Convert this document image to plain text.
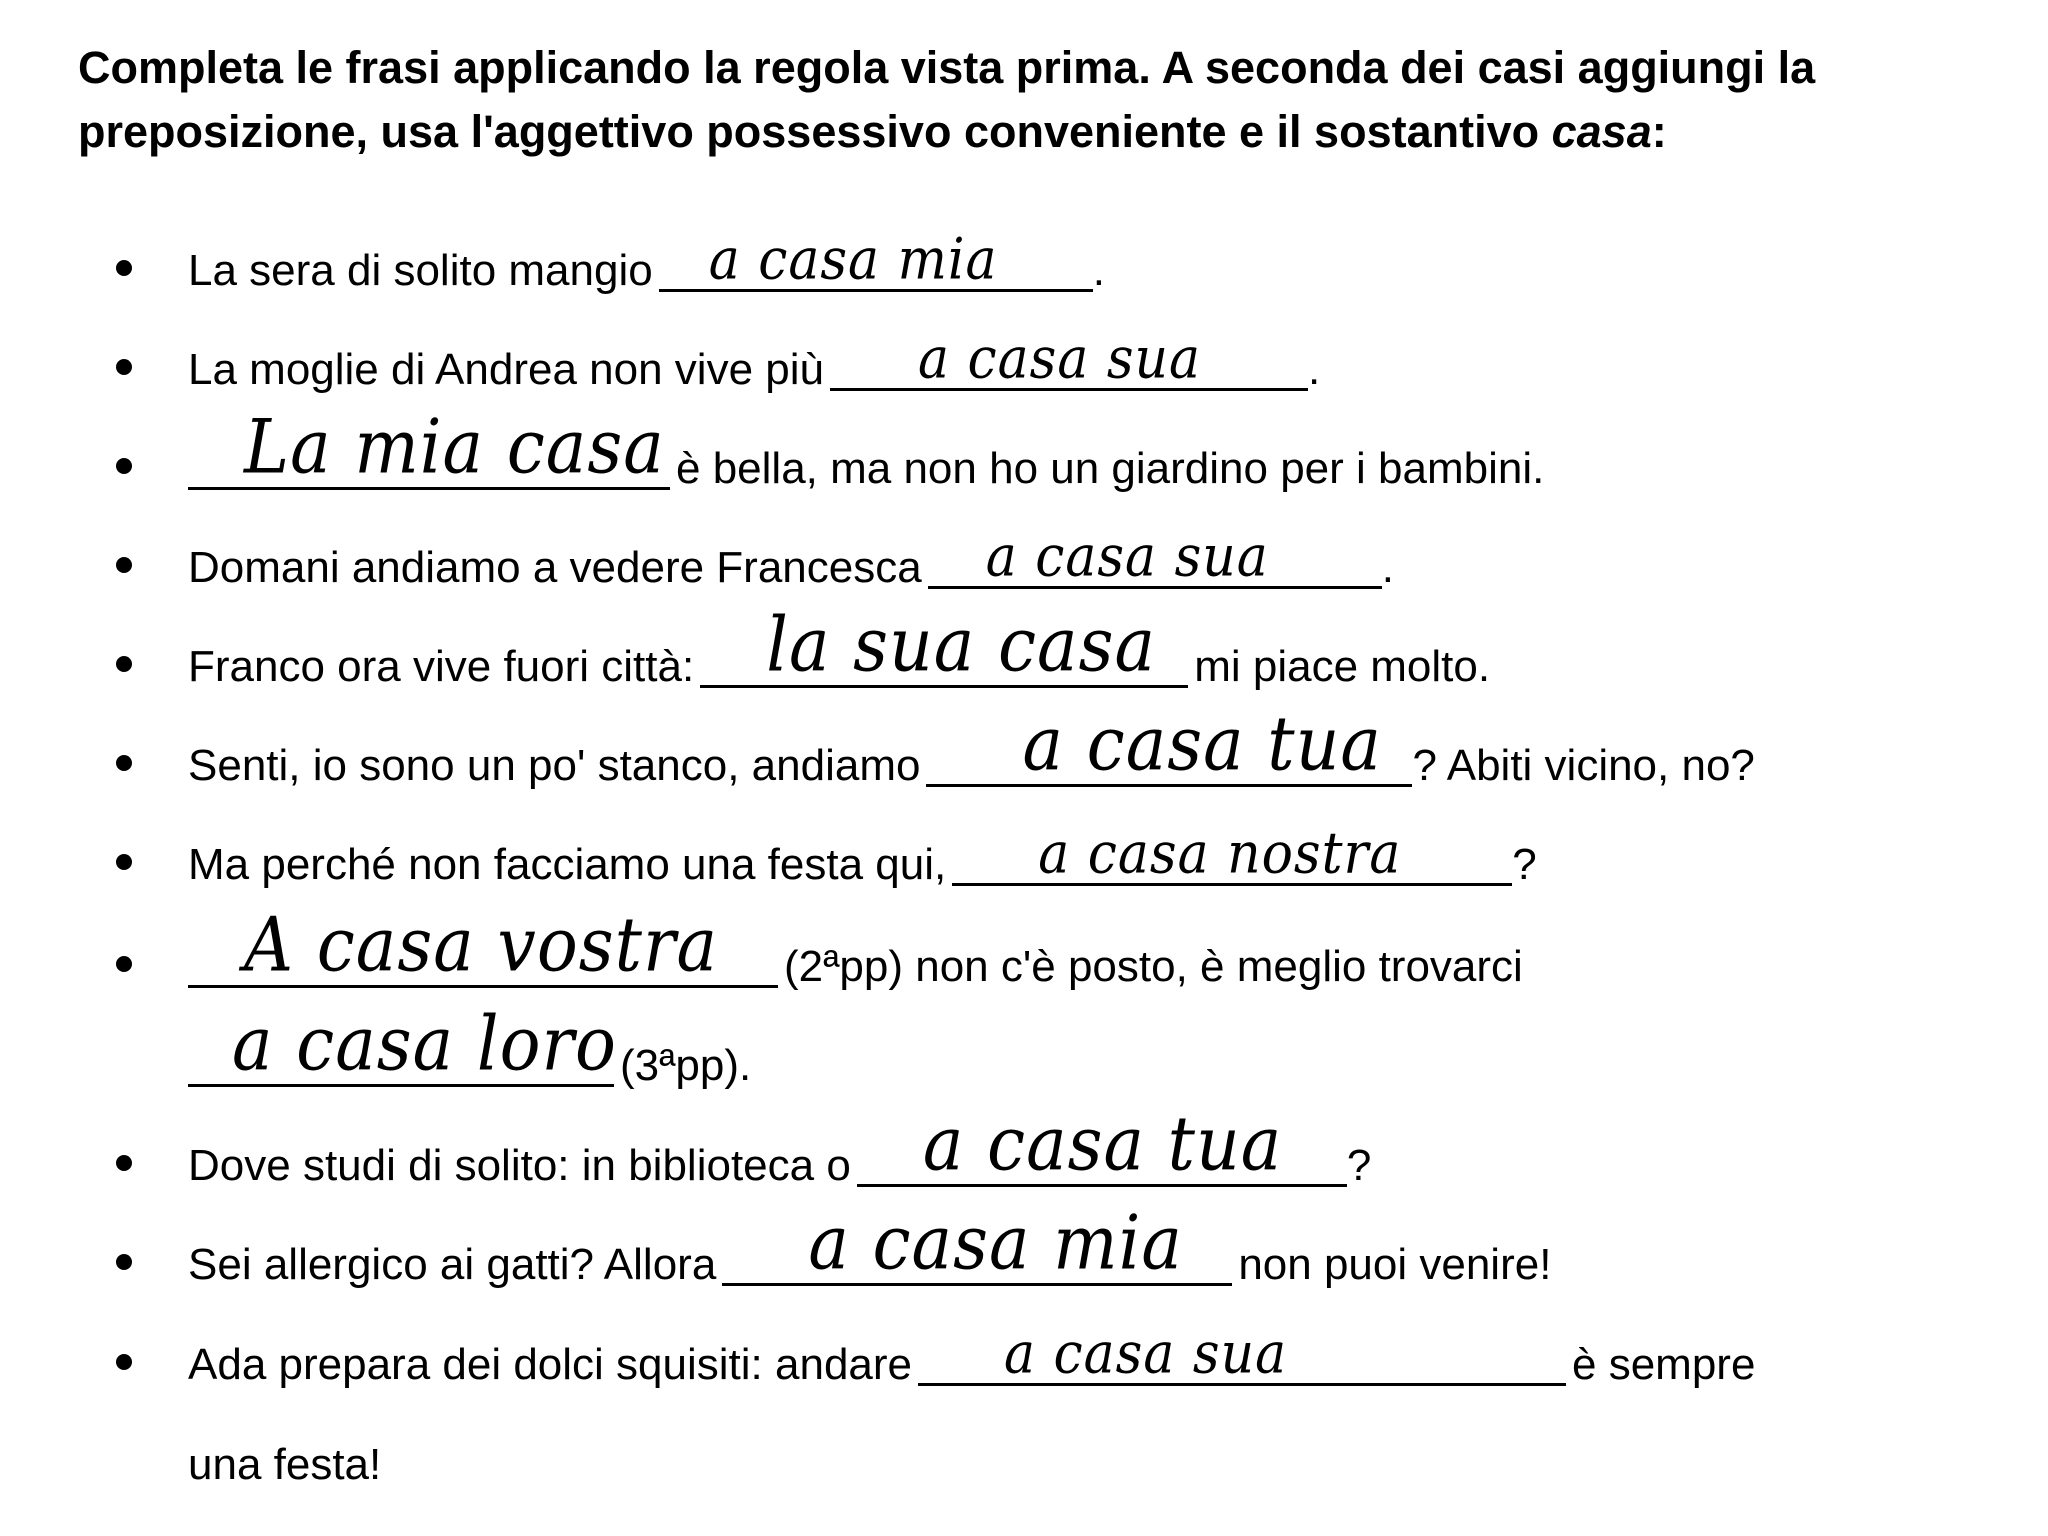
Completa le frasi applicando la regola vista prima. A seconda dei casi aggiungi la preposizione, usa l'aggettivo possessivo conveniente e il sostantivo casa:

La sera di solito mangio a casa mia .
La moglie di Andrea non vive più a casa sua .
La mia casa è bella, ma non ho un giardino per i bambini.
Domani andiamo a vedere Francesca a casa sua	.
Franco ora vive fuori città: la sua casa mi piace molto.
Senti, io sono un po' stanco, andiamo a casa tua ? Abiti vicino, no?
Ma perché non facciamo una festa qui, a casa nostra	?
A casa vostra (2ªpp) non c'è posto, è meglio trovarci
a casa loro (3ªpp).
Dove studi di solito: in biblioteca o a casa tua ?
Sei allergico ai gatti? Allora a casa mia non puoi venire!
Ada prepara dei dolci squisiti: andare a casa sua	è sempre
una festa!
